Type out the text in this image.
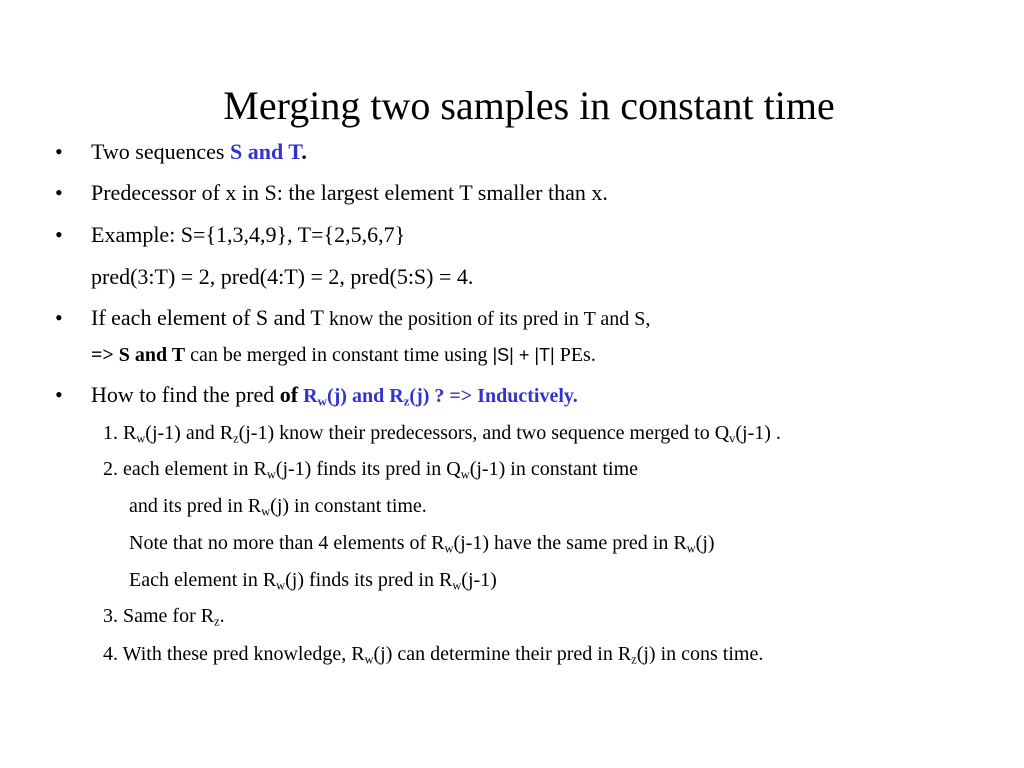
Merging two samples in constant time
• Two sequences S and T.
• Predecessor of x in S: the largest element T smaller than x.
• Example: S={1,3,4,9}, T={2,5,6,7}
pred(3:T) = 2, pred(4:T) = 2, pred(5:S) = 4.
• If each element of S and T know the position of its pred in T and S,
=> S and T can be merged in constant time using |S| + |T| PEs.
• How to find the pred of $R_w(j)$ and $R_z(j)$ ? => Inductively.
1. $R_w(j-1)$ and $R_z(j-1)$ know their predecessors, and two sequence merged to $Q_v(j-1)$ .
2. each element in $R_w(j-1)$ finds its pred in $Q_w(j-1)$ in constant time
and its pred in $R_w(j)$ in constant time.
Note that no more than 4 elements of $R_w(j-1)$ have the same pred in $R_w(j)$
Each element in $R_w(j)$ finds its pred in $R_w(j-1)$
3. Same for $R_z$.
4. With these pred knowledge, $R_w(j)$ can determine their pred in $R_z(j)$ in cons time.
